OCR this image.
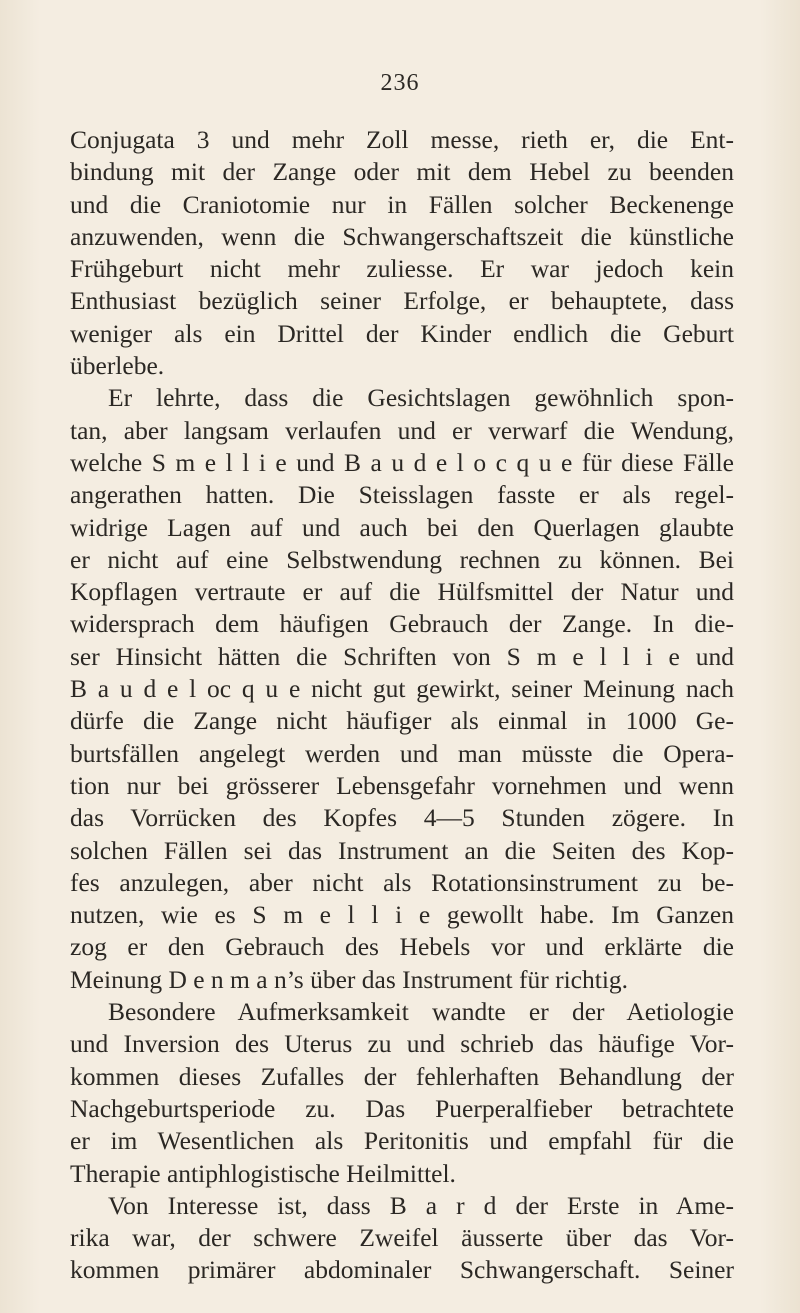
236
Conjugata 3 und mehr Zoll messe, rieth er, die Ent-
bindung mit der Zange oder mit dem Hebel zu beenden
und die Craniotomie nur in Fällen solcher Beckenenge
anzuwenden, wenn die Schwangerschaftszeit die künstliche
Frühgeburt nicht mehr zuliesse. Er war jedoch kein
Enthusiast bezüglich seiner Erfolge, er behauptete, dass
weniger als ein Drittel der Kinder endlich die Geburt
überlebe.
Er lehrte, dass die Gesichtslagen gewöhnlich spon-
tan, aber langsam verlaufen und er verwarf die Wendung,
welche S m e l l i e und B a u d e l o c q u e für diese Fälle
angerathen hatten. Die Steisslagen fasste er als regel-
widrige Lagen auf und auch bei den Querlagen glaubte
er nicht auf eine Selbstwendung rechnen zu können. Bei
Kopflagen vertraute er auf die Hülfsmittel der Natur und
widersprach dem häufigen Gebrauch der Zange. In die-
ser Hinsicht hätten die Schriften von S m e l l i e und
B a u d e l oc q u e nicht gut gewirkt, seiner Meinung nach
dürfe die Zange nicht häufiger als einmal in 1000 Ge-
burtsfällen angelegt werden und man müsste die Opera-
tion nur bei grösserer Lebensgefahr vornehmen und wenn
das Vorrücken des Kopfes 4—5 Stunden zögere. In
solchen Fällen sei das Instrument an die Seiten des Kop-
fes anzulegen, aber nicht als Rotationsinstrument zu be-
nutzen, wie es S m e l l i e gewollt habe. Im Ganzen
zog er den Gebrauch des Hebels vor und erklärte die
Meinung D e n m a n’s über das Instrument für richtig.
Besondere Aufmerksamkeit wandte er der Aetiologie
und Inversion des Uterus zu und schrieb das häufige Vor-
kommen dieses Zufalles der fehlerhaften Behandlung der
Nachgeburtsperiode zu. Das Puerperalfieber betrachtete
er im Wesentlichen als Peritonitis und empfahl für die
Therapie antiphlogistische Heilmittel.
Von Interesse ist, dass B a r d der Erste in Ame-
rika war, der schwere Zweifel äusserte über das Vor-
kommen primärer abdominaler Schwangerschaft. Seiner
